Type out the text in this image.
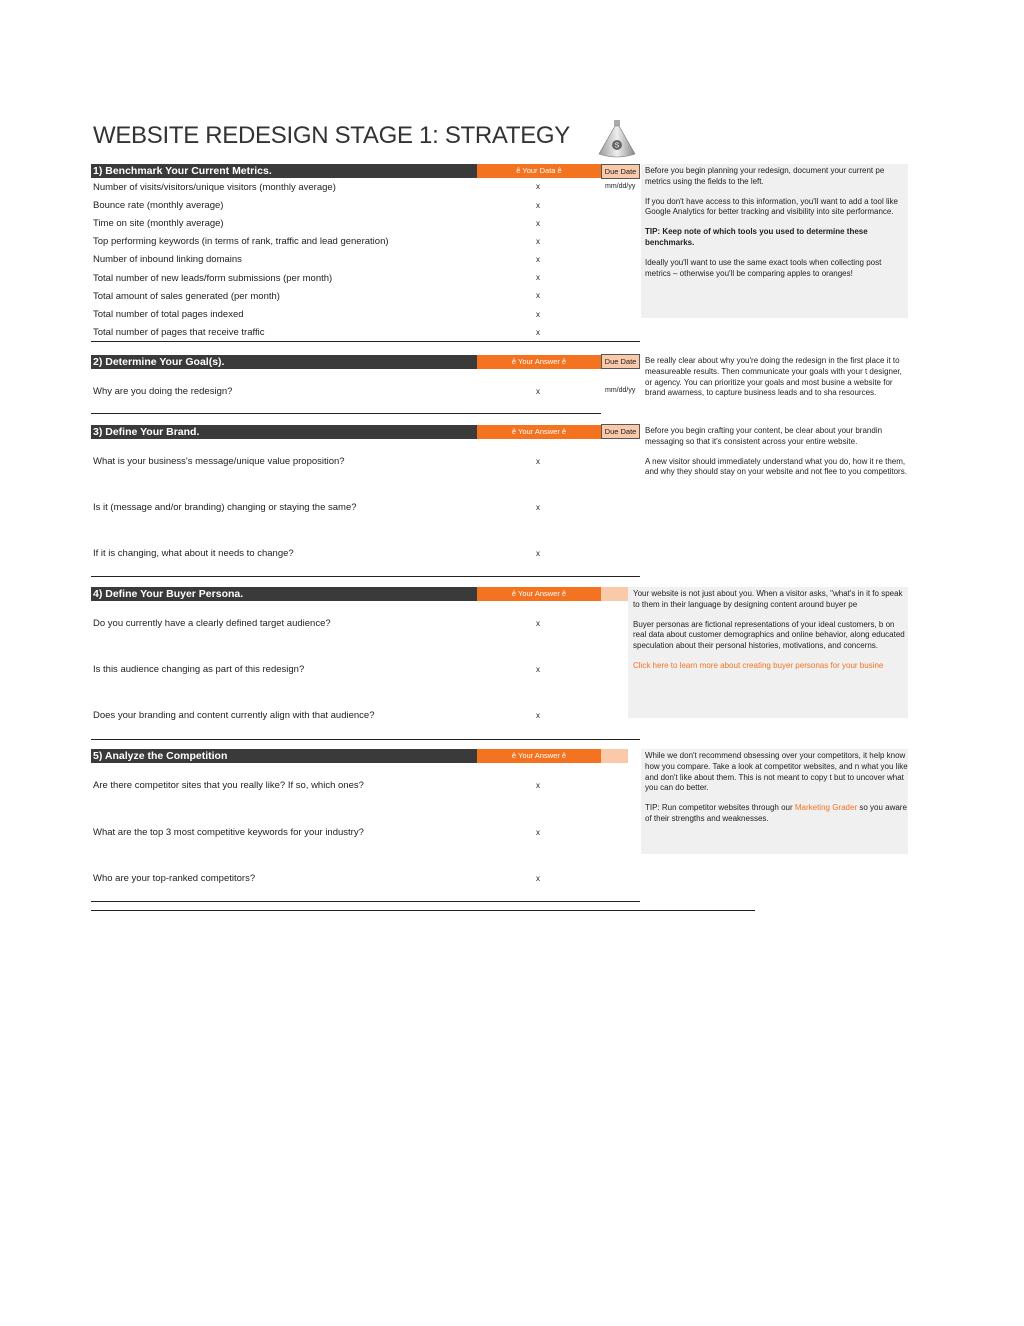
WEBSITE REDESIGN STAGE 1: STRATEGY	S
1) Benchmark Your Current Metrics.	ê Your Data ê	Due Date
Number of visits/visitors/unique visitors (monthly average)	x	mm/dd/yy
Bounce rate (monthly average)	x
Time on site (monthly average)	x
Top performing keywords (in terms of rank, traffic and lead generation)	x
Number of inbound linking domains	x
Total number of new leads/form submissions (per month)	x
Total amount of sales generated (per month)	x
Total number of total pages indexed	x
Total number of pages that receive traffic	x

Before you begin planning your redesign, document your current pe metrics using the fields to the left.

If you don't have access to this information, you'll want to add a tool like Google Analytics for better tracking and visibility into site performance.

TIP: Keep note of which tools you used to determine these benchmarks.

Ideally you'll want to use the same exact tools when collecting post metrics – otherwise you'll be comparing apples to oranges!

2) Determine Your Goal(s).	ê Your Answer ê	Due Date
Why are you doing the redesign?	x	mm/dd/yy

Be really clear about why you're doing the redesign in the first place it to measureable results. Then communicate your goals with your t designer, or agency. You can prioritize your goals and most busine a website for brand awarness, to capture business leads and to sha resources.

3) Define Your Brand.	ê Your Answer ê	Due Date
What is your business's message/unique value proposition?	x
Is it (message and/or branding) changing or staying the same?	x
If it is changing, what about it needs to change?	x

Before you begin crafting your content, be clear about your brandin messaging so that it's consistent across your entire website.

A new visitor should immediately understand what you do, how it re them, and why they should stay on your website and not flee to you competitors.

4) Define Your Buyer Persona.	ê Your Answer ê
Do you currently have a clearly defined target audience?	x
Is this audience changing as part of this redesign?	x
Does your branding and content currently align with that audience?	x

Your website is not just about you. When a visitor asks, "what's in it fo speak to them in their language by designing content around buyer pe

Buyer personas are fictional representations of your ideal customers, b on real data about customer demographics and online behavior, along educated speculation about their personal histories, motivations, and concerns.

Click here to learn more about creating buyer personas for your busine

5) Analyze the Competition	ê Your Answer ê
Are there competitor sites that you really like? If so, which ones?	x
What are the top 3 most competitive keywords for your industry?	x
Who are your top-ranked competitors?	x

While we don't recommend obsessing over your competitors, it help know how you compare. Take a look at competitor websites, and n what you like and don't like about them. This is not meant to copy t but to uncover what you can do better.

TIP: Run competitor websites through our Marketing Grader so you aware of their strengths and weaknesses.
